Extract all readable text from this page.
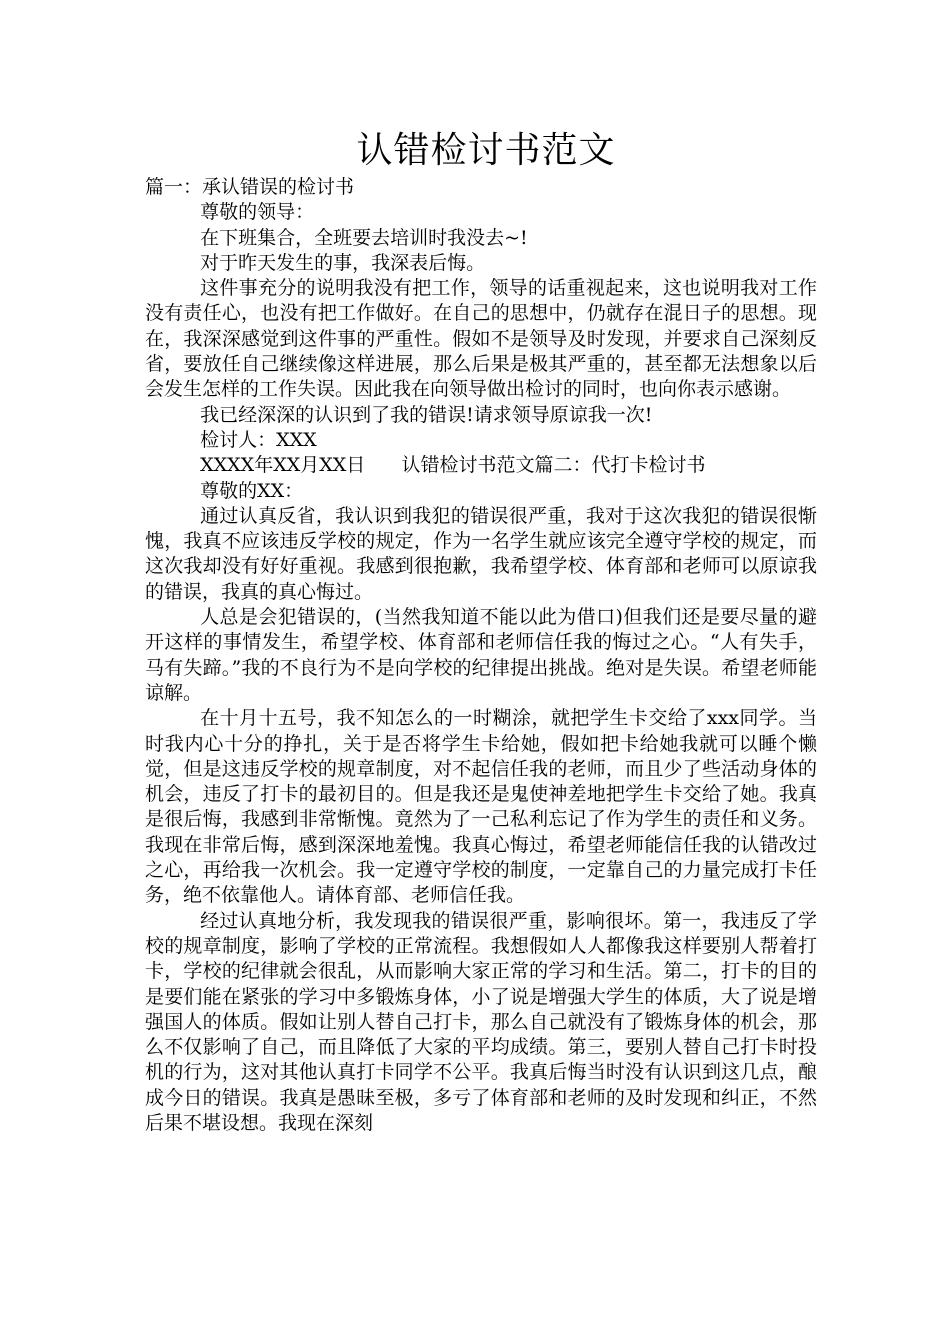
认错检讨书范文

篇一：承认错误的检讨书

尊敬的领导：

在下班集合，全班要去培训时我没去~!

对于昨天发生的事，我深表后悔。

这件事充分的说明我没有把工作，领导的话重视起来，这也说明我对工作没有责任心，也没有把工作做好。在自己的思想中，仍就存在混日子的思想。现在，我深深感觉到这件事的严重性。假如不是领导及时发现，并要求自己深刻反省，要放任自己继续像这样进展，那么后果是极其严重的，甚至都无法想象以后会发生怎样的工作失误。因此我在向领导做出检讨的同时，也向你表示感谢。

我已经深深的认识到了我的错误!请求领导原谅我一次!

检讨人：XXX

XXXX年XX月XX日      认错检讨书范文篇二：代打卡检讨书

尊敬的XX：

通过认真反省，我认识到我犯的错误很严重，我对于这次我犯的错误很惭愧，我真不应该违反学校的规定，作为一名学生就应该完全遵守学校的规定，而这次我却没有好好重视。我感到很抱歉，我希望学校、体育部和老师可以原谅我的错误，我真的真心悔过。

人总是会犯错误的，(当然我知道不能以此为借口)但我们还是要尽量的避开这样的事情发生，希望学校、体育部和老师信任我的悔过之心。“人有失手，马有失蹄。”我的不良行为不是向学校的纪律提出挑战。绝对是失误。希望老师能谅解。

在十月十五号，我不知怎么的一时糊涂，就把学生卡交给了xxx同学。当时我内心十分的挣扎，关于是否将学生卡给她，假如把卡给她我就可以睡个懒觉，但是这违反学校的规章制度，对不起信任我的老师，而且少了些活动身体的机会，违反了打卡的最初目的。但是我还是鬼使神差地把学生卡交给了她。我真是很后悔，我感到非常惭愧。竟然为了一己私利忘记了作为学生的责任和义务。我现在非常后悔，感到深深地羞愧。我真心悔过，希望老师能信任我的认错改过之心，再给我一次机会。我一定遵守学校的制度，一定靠自己的力量完成打卡任务，绝不依靠他人。请体育部、老师信任我。

经过认真地分析，我发现我的错误很严重，影响很坏。第一，我违反了学校的规章制度，影响了学校的正常流程。我想假如人人都像我这样要别人帮着打卡，学校的纪律就会很乱，从而影响大家正常的学习和生活。第二，打卡的目的是要们能在紧张的学习中多锻炼身体，小了说是增强大学生的体质，大了说是增强国人的体质。假如让别人替自己打卡，那么自己就没有了锻炼身体的机会，那么不仅影响了自己，而且降低了大家的平均成绩。第三，要别人替自己打卡时投机的行为，这对其他认真打卡同学不公平。我真后悔当时没有认识到这几点，酿成今日的错误。我真是愚昧至极，多亏了体育部和老师的及时发现和纠正，不然后果不堪设想。我现在深刻
